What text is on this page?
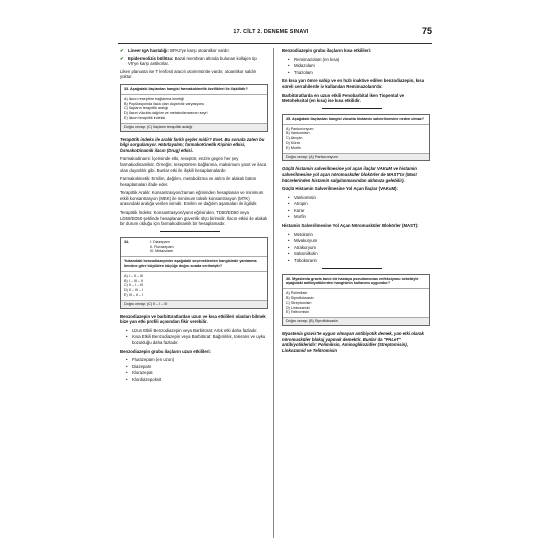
17. CİLT 2. DENEME SINAVI	75
✔	Lineer IgA hastalığı: BPA2'ye karşı otoantikor vardır.
✔	Epidermolizis büllöza: Bazal membran altında bulunan kollajen tip VII'ye karşı antikorlar.

Liken planusta ise T lenfosit aracılı otoimmünite vardır, otoantikor saldırı yoktur.

33. Aşağıdaki ilaçlardan hangisi farmakokinetik özellikleri ile ilişkilidir?
A) İlacın reseptöre bağlanma kinetiği
B) Popülasyonda ilaca olan duyarlılık varyasyonu
C) İlaçların terapötik aralığı
D) İlacın vücutta dağılım ve metabolizmasının seyri
E) İlacın terapötik indeksi
Doğru cevap: (C) İlaçların terapötik aralığı

Terapötik indeks ile aralık farklı şeyler midir? Evet. Bu soruda zaten bu bilgi sorgulanıyor. Hatırlayalım; farmakoKinetik Kişinin etkisi, farmakoDinamik ilacın (Drug) etkisi.

Farmakodinami: İçerisinde etki, reseptör, enzim gegen her şey farmakodinamiktir. Örneğin; reseptörlere bağlanma, maksimum yanıt ve ilaca olan duyarlılık gibi. Bunlar etki ile ilişkili hesaplamalardır.

Farmakokinetik: Emilim, dağılım, metabolizma ve atılım ile alakalı bütün hesaplamaları ifade eder.

Terapötik Aralık: Konsantrasyon/zaman eğrisinden hesaplanan ve minimum etkili konsantrasyon (MEK) ile minimum toksik konsantrasyon (MTK) arasındaki aralığa verilen isimdir. Emilim ve dağılım aşamaları ile ilgilidir.

Terapötik İndeks: Konsantrasyon/yanıt eğrisinden, TD50/ED50 veya LD50/ED50 şeklinde hesaplanan güvenlik ölçü birimidir. İlacın etkisi ile alakalı bir durum olduğu için farmakodinamik bir hesaplamadır.

34.	I. Diazepam
II. Flurazepam
III. Midazolam
Yukarıdaki benzodiazepinler aşağıdaki seçeneklerden hangisinde yarılanma ömrüne göre büyükten küçüğe doğru sırada verilmiştir?
A) I – II – III
B) I – III – II
C) II – I – III
D) II – III – I
E) III – II – I
Doğru cevap: (C) II – I – III

Benzodiazepin ve barbitüratlardan uzun ve kısa etkilileri olanları bilmek bize yan etki profili açısından fikir verebilir.

•	Uzun Etkili Benzodiazepin veya Barbitürat: Artık etki daha fazladır.
•	Kısa Etkili Benzodiazepin veya Barbitürat: Bağımlılık, tolerans ve uyku bozukluğu daha fazladır.

Benzodiazepin grubu ilaçların uzun etkilileri:

•	Flurazepam (en uzun)
•	Diazepam
•	Klorazepat
•	Klordiazepoksit

Benzodiazepin grubu ilaçların kısa etkilileri:

•	Remimazolam (en kısa)
•	Midazolam
•	Triazolam

En kısa yarı ömre sahip ve en hızlı inaktive edilen benzodiazepin, kısa süreli cerrahilerde iv kullanılan Remimazolam'dır.

Barbitüratlarda en uzun etkili Fenobarbital iken Tiopental ve Metoheksital (en kısa) ise kısa etkilidir.

35. Aşağıdaki ilaçlardan hangisi vücutta histamin salverilmesine neden olmaz?
A) Pankuronyum
B) Vankomisin
C) Atropin
D) Kürar
E) Morfin
Doğru cevap: (A) Pankuronyum

Güçlü histamin salverilmesine yol açan ilaçlar VAKuM ve histamin salverilmesine yol açan nöromusküler blokörler de MAST'tır (Mast hücrelerinden histamin salgılanmasından aklımıza gelebilir).

Güçlü Histamin Salverilmesine Yol Açan İlaçlar (VAKuM):

•	Vankomisin
•	Atropin
•	Kürar
•	Morfin

Histamin Salverilmesine Yol Açan Nöromusküler Blokörler (MAST):

•	Metokürin
•	Mivakuryum
•	Atrakuryum
•	Süksinilkolin
•	Tübokürarin
36. Myastenia gravis tanılı bir hastaya pseudomonas enfeksiyonu sebebiyle aşağıdaki antibiyotiklerden hangisinin kullanımı uygundur?
A) Polimiksin
B) Siprofloksasin
C) Streptomisin
D) Linkozamid
E) Telitromisin
Doğru cevap: (B) Siprofloksasin

Myastenia gravis'te uygun olmayan antibiyotik demek, yan etki olarak nöromusküler blokaj yapmak demektir. Bunlar da "PALeT" antibiyotikleridir: Polimiksin, Aminoglikozidler (Streptomisin), Linkozamid ve Telitromisin
